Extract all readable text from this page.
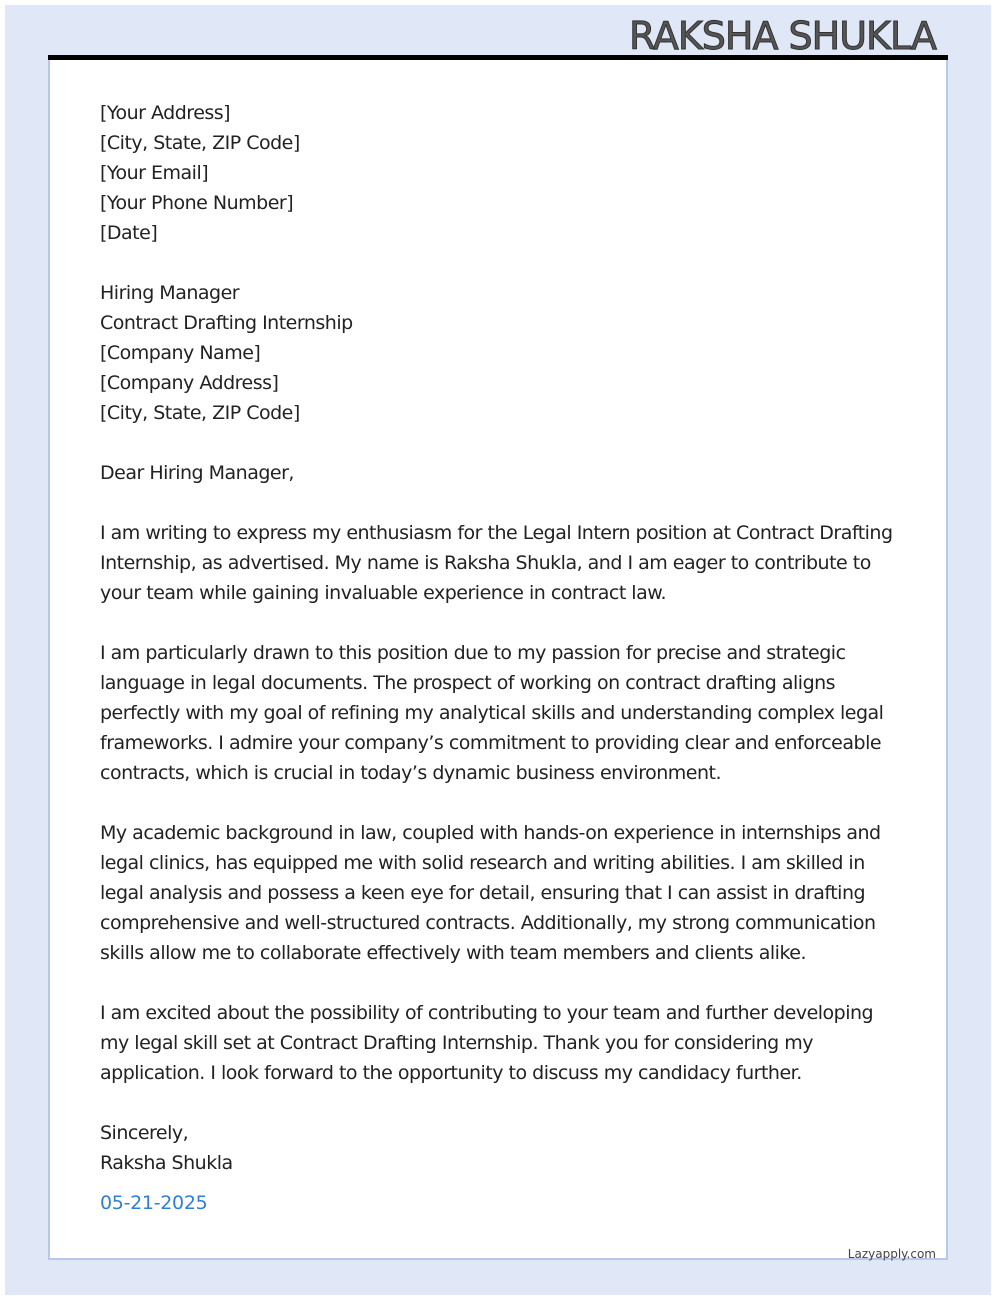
RAKSHA SHUKLA
[Your Address]
[City, State, ZIP Code]
[Your Email]
[Your Phone Number]
[Date]
Hiring Manager
Contract Drafting Internship
[Company Name]
[Company Address]
[City, State, ZIP Code]

Dear Hiring Manager,

I am writing to express my enthusiasm for the Legal Intern position at Contract Drafting Internship, as advertised. My name is Raksha Shukla, and I am eager to contribute to your team while gaining invaluable experience in contract law.

I am particularly drawn to this position due to my passion for precise and strategic language in legal documents. The prospect of working on contract drafting aligns perfectly with my goal of refining my analytical skills and understanding complex legal frameworks. I admire your company’s commitment to providing clear and enforceable contracts, which is crucial in today’s dynamic business environment.

My academic background in law, coupled with hands-on experience in internships and legal clinics, has equipped me with solid research and writing abilities. I am skilled in legal analysis and possess a keen eye for detail, ensuring that I can assist in drafting comprehensive and well-structured contracts. Additionally, my strong communication skills allow me to collaborate effectively with team members and clients alike.

I am excited about the possibility of contributing to your team and further developing my legal skill set at Contract Drafting Internship. Thank you for considering my application. I look forward to the opportunity to discuss my candidacy further.

Sincerely,
Raksha Shukla
05-21-2025
Lazyapply.com
